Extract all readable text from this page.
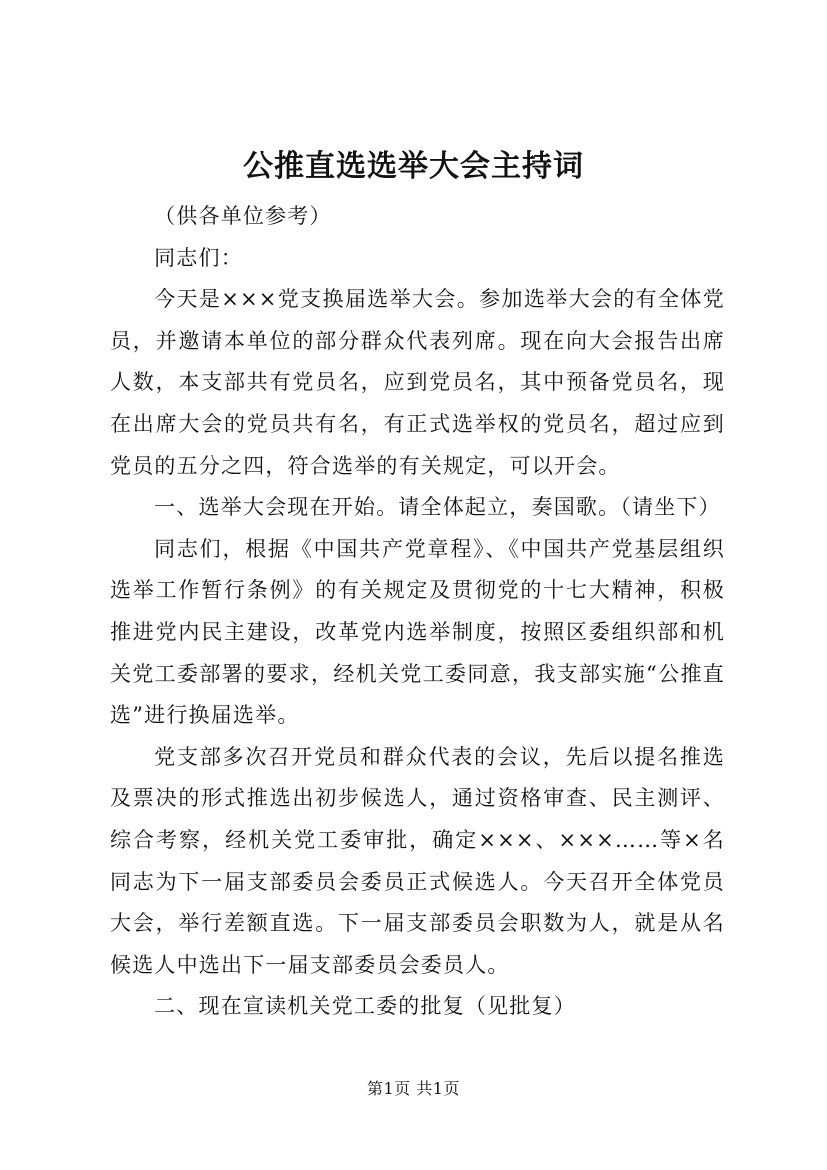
公推直选选举大会主持词

（供各单位参考）

同志们：

今天是×××党支换届选举大会。参加选举大会的有全体党员，并邀请本单位的部分群众代表列席。现在向大会报告出席人数，本支部共有党员名，应到党员名，其中预备党员名，现在出席大会的党员共有名，有正式选举权的党员名，超过应到党员的五分之四，符合选举的有关规定，可以开会。

一、选举大会现在开始。请全体起立，奏国歌。（请坐下）

同志们，根据《中国共产党章程》、《中国共产党基层组织选举工作暂行条例》的有关规定及贯彻党的十七大精神，积极推进党内民主建设，改革党内选举制度，按照区委组织部和机关党工委部署的要求，经机关党工委同意，我支部实施“公推直选”进行换届选举。

党支部多次召开党员和群众代表的会议，先后以提名推选及票决的形式推选出初步候选人，通过资格审查、民主测评、综合考察，经机关党工委审批，确定×××、×××……等×名同志为下一届支部委员会委员正式候选人。今天召开全体党员大会，举行差额直选。下一届支部委员会职数为人，就是从名候选人中选出下一届支部委员会委员人。

二、现在宣读机关党工委的批复（见批复）

第1页 共1页
